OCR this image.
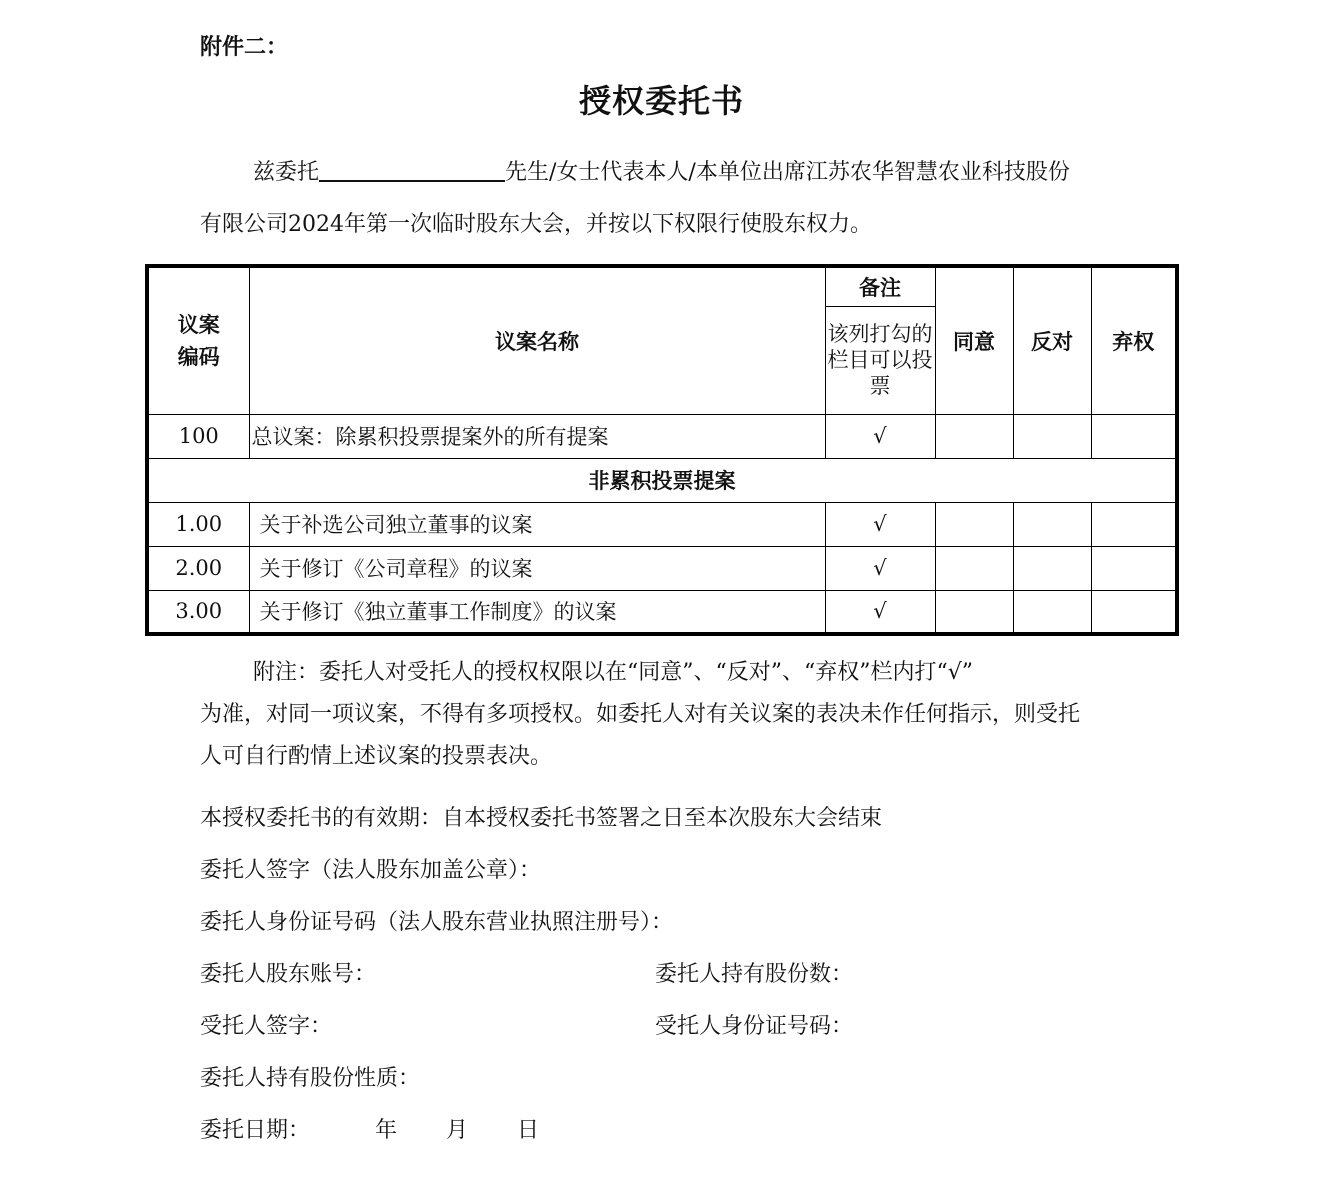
附件二：
授权委托书
兹委托	先生/女士代表本人/本单位出席江苏农华智慧农业科技股份
有限公司2024年第一次临时股东大会，并按以下权限行使股东权力。
议案编码	议案名称	备注	同意	反对	弃权
		该列打勾的栏目可以投票			
100	总议案：除累积投票提案外的所有提案	√			
非累积投票提案					
1.00	关于补选公司独立董事的议案	√			
2.00	关于修订《公司章程》的议案	√			
3.00	关于修订《独立董事工作制度》的议案	√			
附注：委托人对受托人的授权权限以在“同意”、“反对”、“弃权”栏内打“√”
为准，对同一项议案，不得有多项授权。如委托人对有关议案的表决未作任何指示，则受托
人可自行酌情上述议案的投票表决。
本授权委托书的有效期：自本授权委托书签署之日至本次股东大会结束
委托人签字（法人股东加盖公章）：
委托人身份证号码（法人股东营业执照注册号）：
委托人股东账号：	委托人持有股份数：
受托人签字：	受托人身份证号码：
委托人持有股份性质：
委托日期：	年 月 日
